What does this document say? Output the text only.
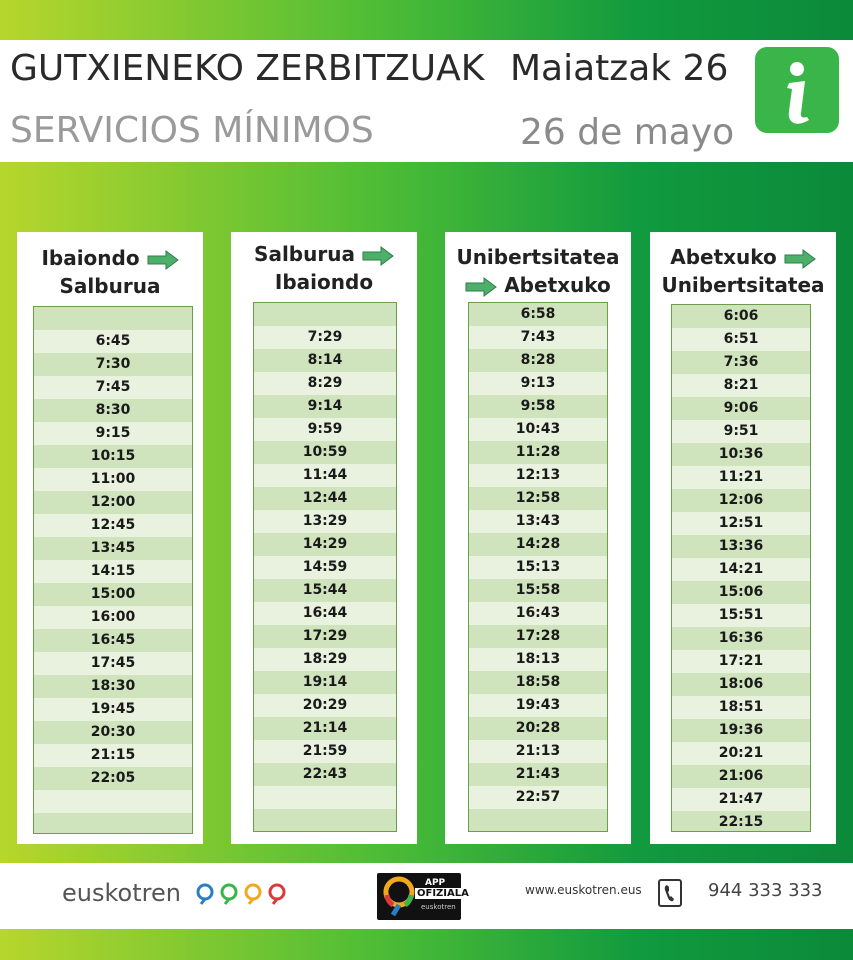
GUTXIENEKO ZERBITZUAK Maiatzak 26
SERVICIOS MÍNIMOS	26 de mayo
Ibaiondo
Salburua
6:45
7:30
7:45
8:30
9:15
10:15
11:00
12:00
12:45
13:45
14:15
15:00
16:00
16:45
17:45
18:30
19:45
20:30
21:15
22:05
Salburua
Ibaiondo
7:29
8:14
8:29
9:14
9:59
10:59
11:44
12:44
13:29
14:29
14:59
15:44
16:44
17:29
18:29
19:14
20:29
21:14
21:59
22:43
Unibertsitatea
Abetxuko
6:58
7:43
8:28
9:13
9:58
10:43
11:28
12:13
12:58
13:43
14:28
15:13
15:58
16:43
17:28
18:13
18:58
19:43
20:28
21:13
21:43
22:57
Abetxuko
Unibertsitatea
6:06
6:51
7:36
8:21
9:06
9:51
10:36
11:21
12:06
12:51
13:36
14:21
15:06
15:51
16:36
17:21
18:06
18:51
19:36
20:21
21:06
21:47
22:15
euskotren	APP
OFIZIALA
euskotren
www.euskotren.eus	944 333 333
